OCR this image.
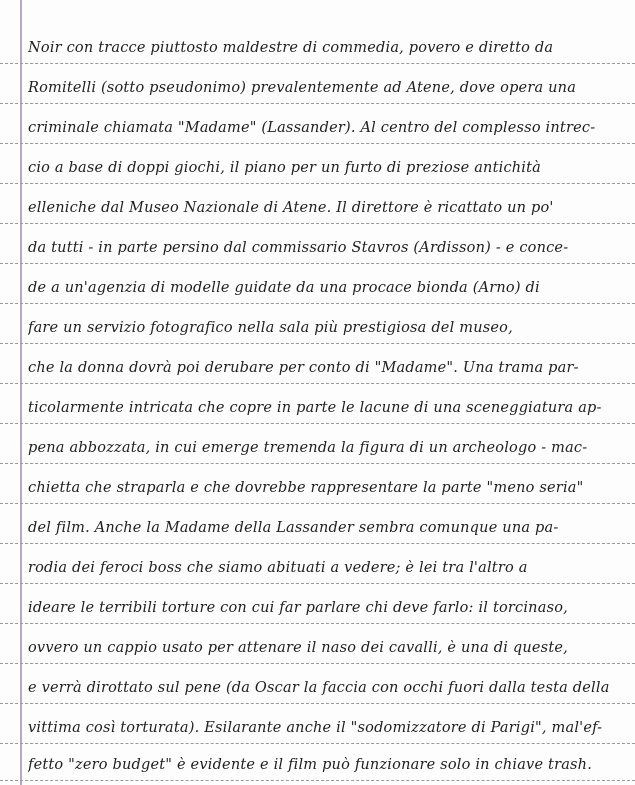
Noir con tracce piuttosto maldestre di commedia, povero e diretto da
Romitelli (sotto pseudonimo) prevalentemente ad Atene, dove opera una
criminale chiamata "Madame" (Lassander). Al centro del complesso intrec-
cio a base di doppi giochi, il piano per un furto di preziose antichità
elleniche dal Museo Nazionale di Atene. Il direttore è ricattato un po'
da tutti - in parte persino dal commissario Stavros (Ardisson) - e conce-
de a un'agenzia di modelle guidate da una procace bionda (Arno) di
fare un servizio fotografico nella sala più prestigiosa del museo,
che la donna dovrà poi derubare per conto di "Madame". Una trama par-
ticolarmente intricata che copre in parte le lacune di una sceneggiatura ap-
pena abbozzata, in cui emerge tremenda la figura di un archeologo - mac-
chietta che straparla e che dovrebbe rappresentare la parte "meno seria"
del film. Anche la Madame della Lassander sembra comunque una pa-
rodia dei feroci boss che siamo abituati a vedere; è lei tra l'altro a
ideare le terribili torture con cui far parlare chi deve farlo: il torcinaso,
ovvero un cappio usato per attenare il naso dei cavalli, è una di queste,
e verrà dirottato sul pene (da Oscar la faccia con occhi fuori dalla testa della
vittima così torturata). Esilarante anche il "sodomizzatore di Parigi", mal'ef-
fetto "zero budget" è evidente e il film può funzionare solo in chiave trash.
